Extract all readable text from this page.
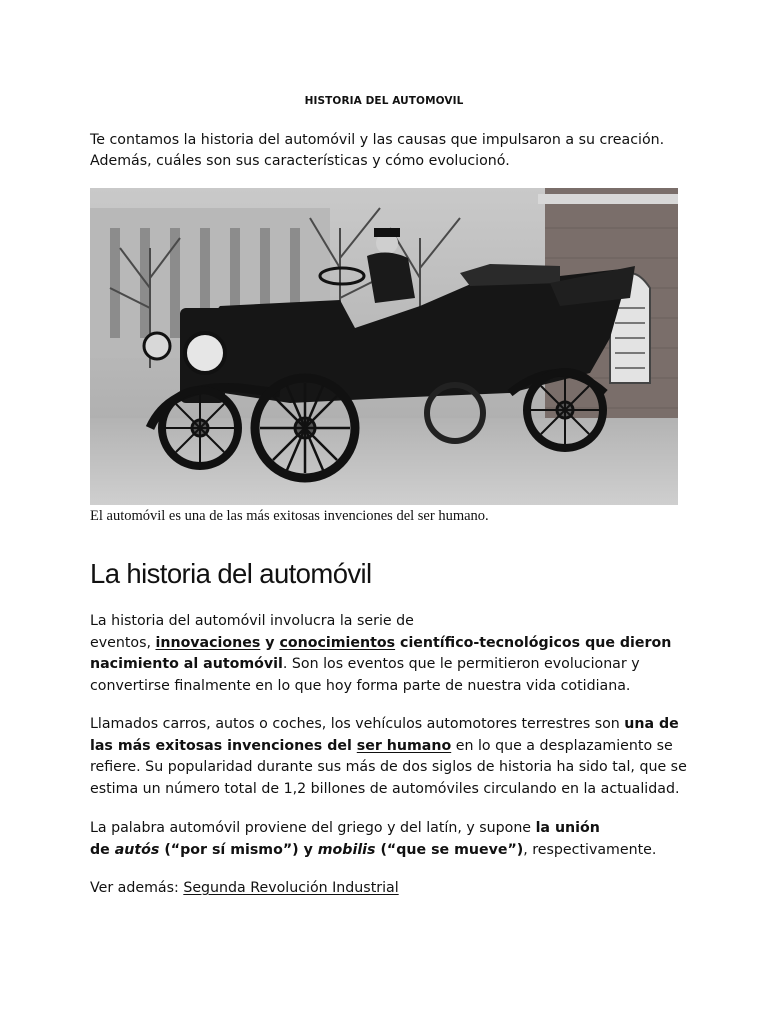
HISTORIA DEL AUTOMOVIL
Te contamos la historia del automóvil y las causas que impulsaron a su creación.
Además, cuáles son sus características y cómo evolucionó.
El automóvil es una de las más exitosas invenciones del ser humano.
La historia del automóvil
La historia del automóvil involucra la serie de
eventos, innovaciones y conocimientos científico-tecnológicos que dieron
nacimiento al automóvil. Son los eventos que le permitieron evolucionar y
convertirse finalmente en lo que hoy forma parte de nuestra vida cotidiana.
Llamados carros, autos o coches, los vehículos automotores terrestres son una de
las más exitosas invenciones del ser humano en lo que a desplazamiento se
refiere. Su popularidad durante sus más de dos siglos de historia ha sido tal, que se
estima un número total de 1,2 billones de automóviles circulando en la actualidad.
La palabra automóvil proviene del griego y del latín, y supone la unión
de autós (“por sí mismo”) y mobilis (“que se mueve”), respectivamente.
Ver además: Segunda Revolución Industrial
